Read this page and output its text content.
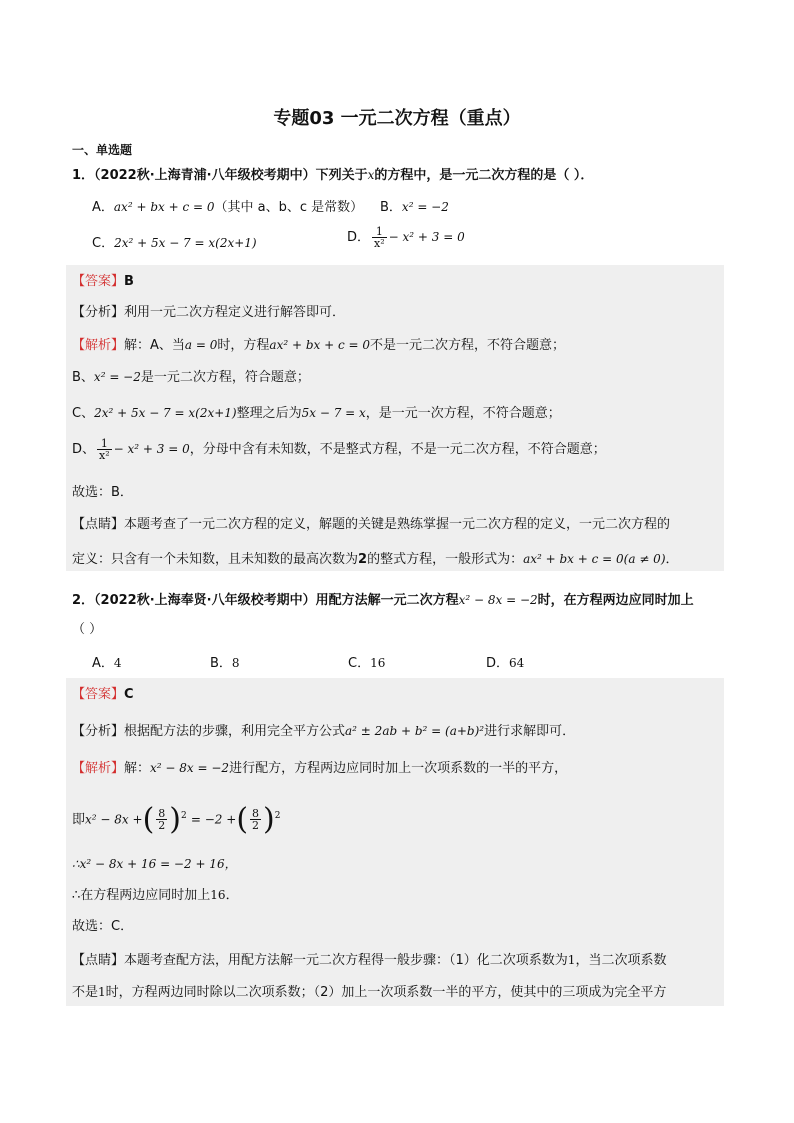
专题03 一元二次方程（重点）
一、单选题
1．（2022秋·上海青浦·八年级校考期中）下列关于x的方程中，是一元二次方程的是（ ）．
A．ax² + bx + c = 0（其中 a、b、c 是常数） B．x² = −2
C．2x² + 5x − 7 = x(2x+1)	D． $\frac{1}{\text{x²}} - x^2 + 3 = 0$
【答案】B
【分析】利用一元二次方程定义进行解答即可．
【解析】解：A、当a = 0时，方程ax² + bx + c = 0不是一元二次方程，不符合题意；
B、x² = −2是一元二次方程，符合题意；
C、2x² + 5x − 7 = x(2x+1)整理之后为5x − 7 = x，是一元一次方程，不符合题意；
D、 $\frac{1}{\text{x²}} - x^2 + 3 = 0$，分母中含有未知数，不是整式方程，不是一元二次方程，不符合题意；
故选：B．
【点睛】本题考查了一元二次方程的定义，解题的关键是熟练掌握一元二次方程的定义，一元二次方程的
定义：只含有一个未知数，且未知数的最高次数为2的整式方程，一般形式为：ax² + bx + c = 0(a ≠ 0)．
2．（2022秋·上海奉贤·八年级校考期中）用配方法解一元二次方程x² − 8x = −2时，在方程两边应同时加上
（ ）
A．4	B．8	C．16	D．64
【答案】C
【分析】根据配方法的步骤，利用完全平方公式a² ± 2ab + b² = (a+b)²进行求解即可．
【解析】解：x² − 8x = −2进行配方，方程两边应同时加上一次项系数的一半的平方，
即x² − 8x +( $\frac{8}{2} )^2 = -2$ +( $\frac{8}{2} )^2$
∴x² − 8x + 16 = −2 + 16，
∴在方程两边应同时加上16．
故选：C．
【点睛】本题考查配方法，用配方法解一元二次方程得一般步骤：（1）化二次项系数为1，当二次项系数
不是1时，方程两边同时除以二次项系数；（2）加上一次项系数一半的平方，使其中的三项成为完全平方
